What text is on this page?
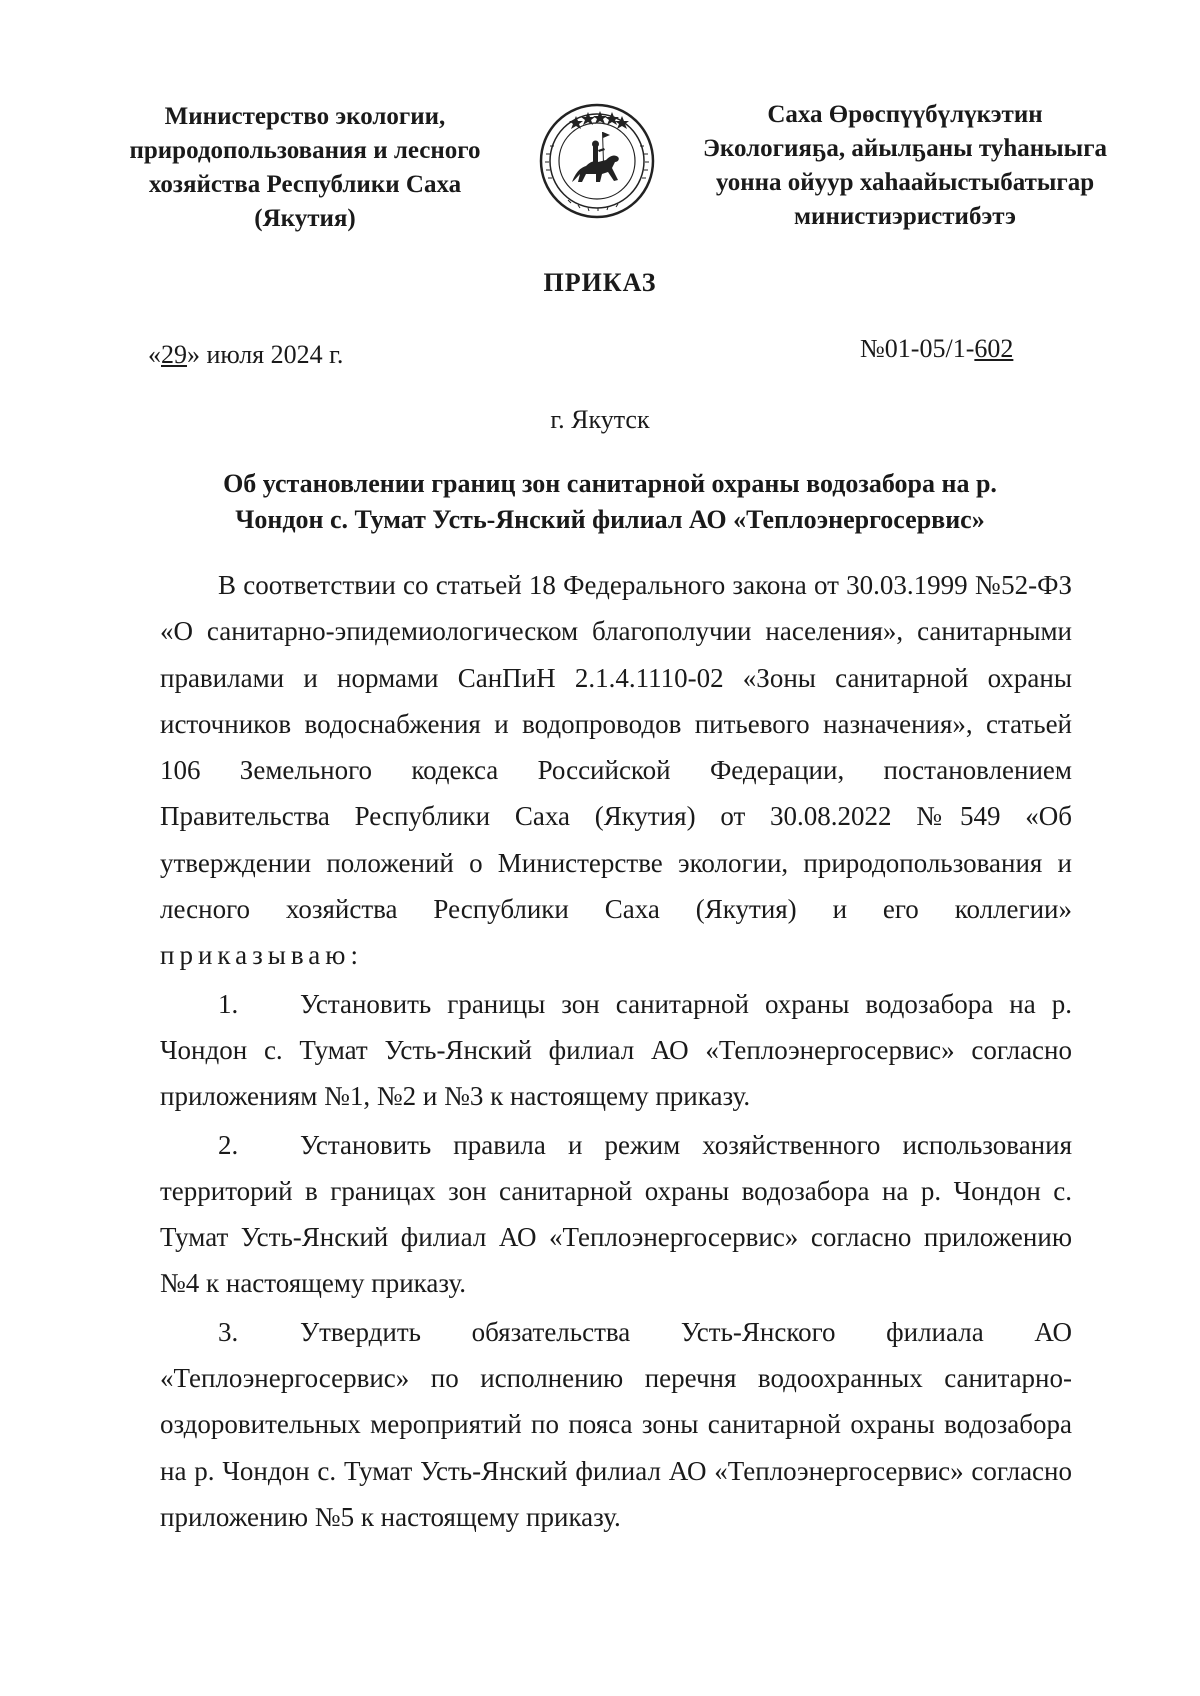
Министерство экологии,
природопользования и лесного
хозяйства Республики Саха
(Якутия)
Саха Өрөспүүбүлүкэтин
Экологияҕа, айылҕаны туһаныыга
уонна ойуур хаһаайыстыбатыгар
министиэристибэтэ
ПРИКАЗ
«29» июля 2024 г.	№01-05/1-602
г. Якутск
Об установлении границ зон санитарной охраны водозабора на р.
Чондон с. Тумат Усть-Янский филиал АО «Теплоэнергосервис»

В соответствии со статьей 18 Федерального закона от 30.03.1999 №52-ФЗ «О санитарно-эпидемиологическом благополучии населения», санитарными правилами и нормами СанПиН 2.1.4.1110-02 «Зоны санитарной охраны источников водоснабжения и водопроводов питьевого назначения», статьей 106 Земельного кодекса Российской Федерации, постановлением Правительства Республики Саха (Якутия) от 30.08.2022 №549 «Об утверждении положений о Министерстве экологии, природопользования и лесного хозяйства Республики Саха (Якутия) и его коллегии» приказываю:

1. Установить границы зон санитарной охраны водозабора на р. Чондон с. Тумат Усть-Янский филиал АО «Теплоэнергосервис» согласно приложениям №1, №2 и №3 к настоящему приказу.

2. Установить правила и режим хозяйственного использования территорий в границах зон санитарной охраны водозабора на р. Чондон с. Тумат Усть-Янский филиал АО «Теплоэнергосервис» согласно приложению №4 к настоящему приказу.

3. Утвердить обязательства Усть-Янского филиала АО «Теплоэнергосервис» по исполнению перечня водоохранных санитарно-оздоровительных мероприятий по пояса зоны санитарной охраны водозабора на р. Чондон с. Тумат Усть-Янский филиал АО «Теплоэнергосервис» согласно приложению №5 к настоящему приказу.
